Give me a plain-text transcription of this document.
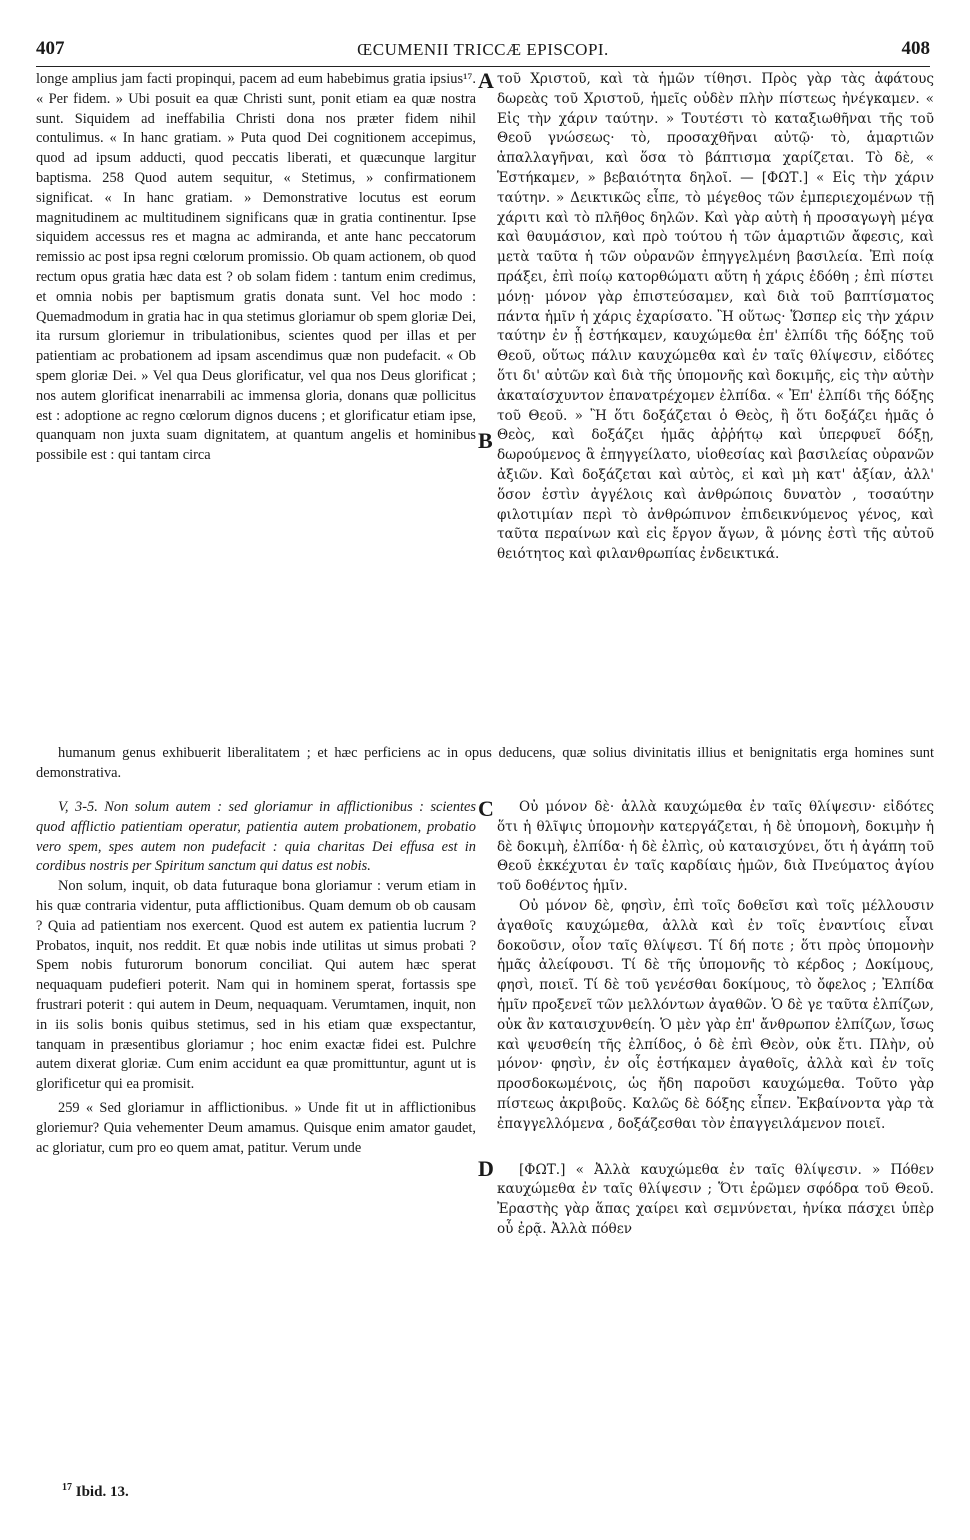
407	ŒCUMENII TRICCÆ EPISCOPI.	408
A
B
C
D

longe amplius jam facti propinqui, pacem ad eum habebimus gratia ipsius¹⁷. « Per fidem. » Ubi posuit ea quæ Christi sunt, ponit etiam ea quæ nostra sunt. Siquidem ad ineffabilia Christi dona nos præter fidem nihil contulimus. « In hanc gratiam. » Puta quod Dei cognitionem accepimus, quod ad ipsum adducti, quod peccatis liberati, et quæcunque largitur baptisma. 258 Quod autem sequitur, « Stetimus, » confirmationem significat. « In hanc gratiam. » Demonstrative locutus est eorum magnitudinem ac multitudinem significans quæ in gratia continentur. Ipse siquidem accessus res et magna ac admiranda, et ante hanc peccatorum remissio ac post ipsa regni cœlorum promissio. Ob quam actionem, ob quod rectum opus gratia hæc data est ? ob solam fidem : tantum enim credimus, et omnia nobis per baptismum gratis donata sunt. Vel hoc modo : Quemadmodum in gratia hac in qua stetimus gloriamur ob spem gloriæ Dei, ita rursum gloriemur in tribulationibus, scientes quod per illas et per patientiam ac probationem ad ipsam ascendimus quæ non pudefacit. « Ob spem gloriæ Dei. » Vel qua Deus glorificatur, vel qua nos Deus glorificat ; nos autem glorificat inenarrabili ac immensa gloria, donans quæ pollicitus est : adoptione ac regno cœlorum dignos ducens ; et glorificatur etiam ipse, quanquam non juxta suam dignitatem, at quantum angelis et hominibus possibile est : qui tantam circa

τοῦ Χριστοῦ, καὶ τὰ ἡμῶν τίθησι. Πρὸς γὰρ τὰς ἀφάτους δωρεὰς τοῦ Χριστοῦ, ἡμεῖς οὐδὲν πλὴν πίστεως ἠνέγκαμεν. « Εἰς τὴν χάριν ταύτην. » Τουτέστι τὸ καταξιωθῆναι τῆς τοῦ Θεοῦ γνώσεως· τὸ, προσαχθῆναι αὐτῷ· τὸ, ἁμαρτιῶν ἀπαλλαγῆναι, καὶ ὅσα τὸ βάπτισμα χαρίζεται. Τὸ δὲ, « Ἑστήκαμεν, » βεβαιότητα δηλοῖ. — [ΦΩΤ.] « Εἰς τὴν χάριν ταύτην. » Δεικτικῶς εἶπε, τὸ μέγεθος τῶν ἐμπεριεχομένων τῇ χάριτι καὶ τὸ πλῆθος δηλῶν. Καὶ γὰρ αὐτὴ ἡ προσαγωγὴ μέγα καὶ θαυμάσιον, καὶ πρὸ τούτου ἡ τῶν ἁμαρτιῶν ἄφεσις, καὶ μετὰ ταῦτα ἡ τῶν οὐρανῶν ἐπηγγελμένη βασιλεία. Ἐπὶ ποίᾳ πράξει, ἐπὶ ποίῳ κατορθώματι αὕτη ἡ χάρις ἐδόθη ; ἐπὶ πίστει μόνῃ· μόνον γὰρ ἐπιστεύσαμεν, καὶ διὰ τοῦ βαπτίσματος πάντα ἡμῖν ἡ χάρις ἐχαρίσατο. Ἢ οὕτως· Ὥσπερ εἰς τὴν χάριν ταύτην ἐν ᾗ ἑστήκαμεν, καυχώμεθα ἐπ' ἐλπίδι τῆς δόξης τοῦ Θεοῦ, οὕτως πάλιν καυχώμεθα καὶ ἐν ταῖς θλίψεσιν, εἰδότες ὅτι δι' αὐτῶν καὶ διὰ τῆς ὑπομονῆς καὶ δοκιμῆς, εἰς τὴν αὐτὴν ἀκαταίσχυντον ἐπανατρέχομεν ἐλπίδα. « Ἐπ' ἐλπίδι τῆς δόξης τοῦ Θεοῦ. » Ἢ ὅτι δοξάζεται ὁ Θεὸς, ἢ ὅτι δοξάζει ἡμᾶς ὁ Θεὸς, καὶ δοξάζει ἡμᾶς ἀῤῥήτῳ καὶ ὑπερφυεῖ δόξῃ, δωρούμενος ἃ ἐπηγγείλατο, υἱοθεσίας καὶ βασιλείας οὐρανῶν ἀξιῶν. Καὶ δοξάζεται καὶ αὐτὸς, εἰ καὶ μὴ κατ' ἀξίαν, ἀλλ' ὅσον ἐστὶν ἀγγέλοις καὶ ἀνθρώποις δυνατὸν , τοσαύτην φιλοτιμίαν περὶ τὸ ἀνθρώπινον ἐπιδεικνύμενος γένος, καὶ ταῦτα περαίνων καὶ εἰς ἔργον ἄγων, ἃ μόνης ἐστὶ τῆς αὐτοῦ θειότητος καὶ φιλανθρωπίας ἐνδεικτικά.

humanum genus exhibuerit liberalitatem ; et hæc perficiens ac in opus deducens, quæ solius divinitatis illius et benignitatis erga homines sunt demonstrativa.

V, 3-5. Non solum autem : sed gloriamur in afflictionibus : scientes quod afflictio patientiam operatur, patientia autem probationem, probatio vero spem, spes autem non pudefacit : quia charitas Dei effusa est in cordibus nostris per Spiritum sanctum qui datus est nobis.

Non solum, inquit, ob data futuraque bona gloriamur : verum etiam in his quæ contraria videntur, puta afflictionibus. Quam demum ob ob causam ? Quia ad patientiam nos exercent. Quod est autem ex patientia lucrum ? Probatos, inquit, nos reddit. Et quæ nobis inde utilitas ut simus probati ? Spem nobis futurorum bonorum conciliat. Qui autem hæc sperat nequaquam pudefieri poterit. Nam qui in hominem sperat, fortassis spe frustrari poterit : qui autem in Deum, nequaquam. Verumtamen, inquit, non in iis solis bonis quibus stetimus, sed in his etiam quæ exspectantur, tanquam in præsentibus gloriamur ; hoc enim exactæ fidei est. Pulchre autem dixerat gloriæ. Cum enim accidunt ea quæ promittuntur, agunt ut is glorificetur qui ea promisit.

259 « Sed gloriamur in afflictionibus. » Unde fit ut in afflictionibus gloriemur? Quia vehementer Deum amamus. Quisque enim amator gaudet, ac gloriatur, cum pro eo quem amat, patitur. Verum unde

Οὐ μόνον δὲ· ἀλλὰ καυχώμεθα ἐν ταῖς θλίψεσιν· εἰδότες ὅτι ἡ θλῖψις ὑπομονὴν κατεργάζεται, ἡ δὲ ὑπομονὴ, δοκιμὴν ἡ δὲ δοκιμὴ, ἐλπίδα· ἡ δὲ ἐλπὶς, οὐ καταισχύνει, ὅτι ἡ ἀγάπη τοῦ Θεοῦ ἐκκέχυται ἐν ταῖς καρδίαις ἡμῶν, διὰ Πνεύματος ἁγίου τοῦ δοθέντος ἡμῖν.

Οὐ μόνον δὲ, φησὶν, ἐπὶ τοῖς δοθεῖσι καὶ τοῖς μέλλουσιν ἀγαθοῖς καυχώμεθα, ἀλλὰ καὶ ἐν τοῖς ἐναντίοις εἶναι δοκοῦσιν, οἷον ταῖς θλίψεσι. Τί δή ποτε ; ὅτι πρὸς ὑπομονὴν ἡμᾶς ἀλείφουσι. Τί δὲ τῆς ὑπομονῆς τὸ κέρδος ; Δοκίμους, φησὶ, ποιεῖ. Τί δὲ τοῦ γενέσθαι δοκίμους, τὸ ὄφελος ; Ἐλπίδα ἡμῖν προξενεῖ τῶν μελλόντων ἀγαθῶν. Ὁ δὲ γε ταῦτα ἐλπίζων, οὐκ ἂν καταισχυνθείη. Ὁ μὲν γὰρ ἐπ' ἄνθρωπον ἐλπίζων, ἴσως καὶ ψευσθείη τῆς ἐλπίδος, ὁ δὲ ἐπὶ Θεὸν, οὐκ ἔτι. Πλὴν, οὐ μόνον· φησὶν, ἐν οἷς ἑστήκαμεν ἀγαθοῖς, ἀλλὰ καὶ ἐν τοῖς προσδοκωμένοις, ὡς ἤδη παροῦσι καυχώμεθα. Τοῦτο γὰρ πίστεως ἀκριβοῦς. Καλῶς δὲ δόξης εἶπεν. Ἐκβαίνοντα γὰρ τὰ ἐπαγγελλόμενα , δοξάζεσθαι τὸν ἐπαγγειλάμενον ποιεῖ.

[ΦΩΤ.] « Ἀλλὰ καυχώμεθα ἐν ταῖς θλίψεσιν. » Πόθεν καυχώμεθα ἐν ταῖς θλίψεσιν ; Ὅτι ἐρῶμεν σφόδρα τοῦ Θεοῦ. Ἐραστὴς γὰρ ἅπας χαίρει καὶ σεμνύνεται, ἡνίκα πάσχει ὑπὲρ οὗ ἐρᾷ. Ἀλλὰ πόθεν

$^{17}$ Ibid. 13.
